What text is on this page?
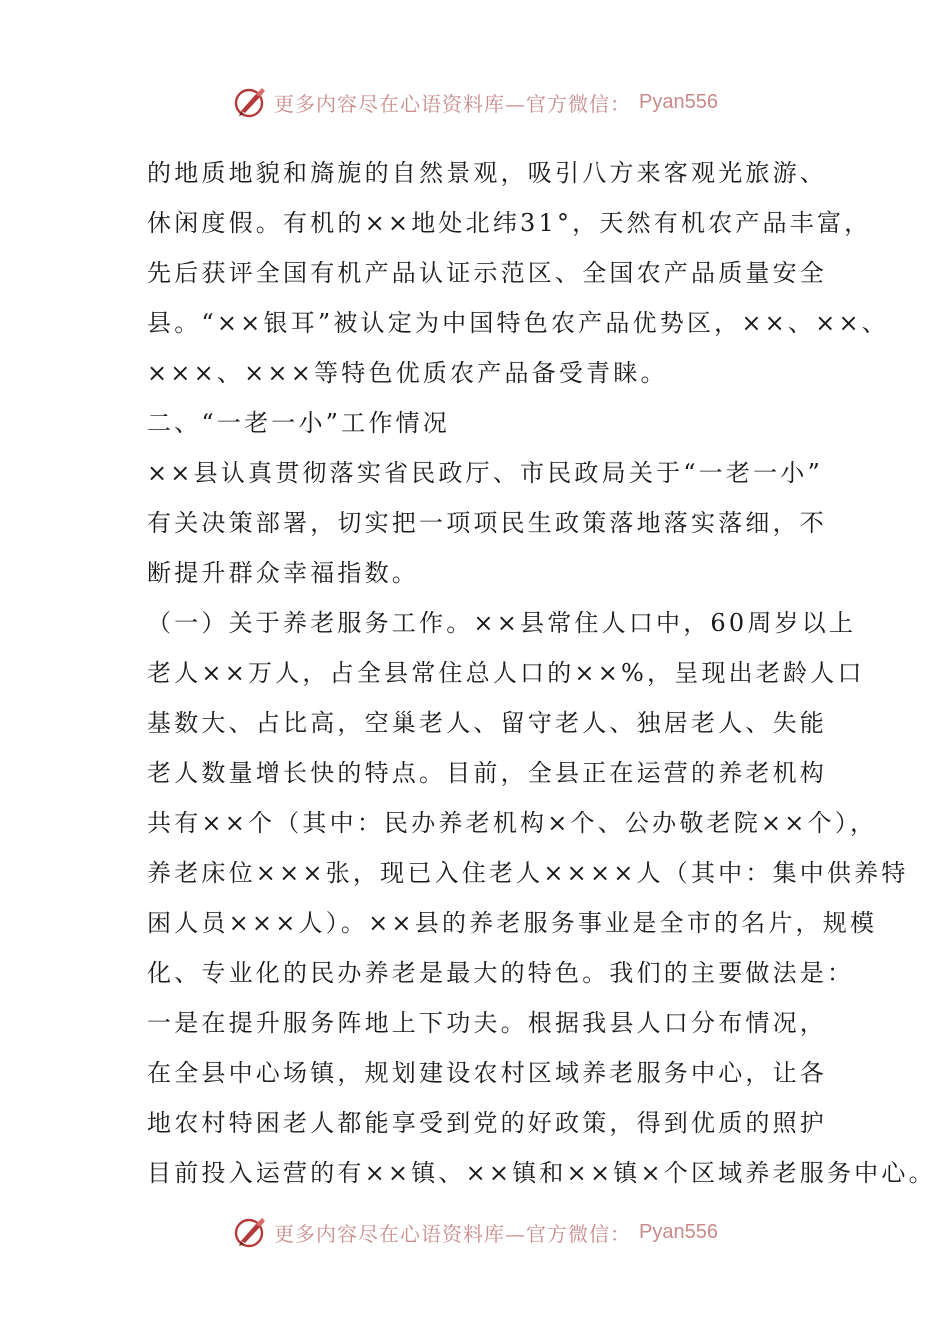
更多内容尽在心语资料库—官方微信： Pyan556
的地质地貌和旖旎的自然景观，吸引八方来客观光旅游、
休闲度假。有机的××地处北纬31°，天然有机农产品丰富，
先后获评全国有机产品认证示范区、全国农产品质量安全
县。“××银耳”被认定为中国特色农产品优势区，××、××、
×××、×××等特色优质农产品备受青睐。
二、“一老一小”工作情况
××县认真贯彻落实省民政厅、市民政局关于“一老一小”
有关决策部署，切实把一项项民生政策落地落实落细，不
断提升群众幸福指数。
（一）关于养老服务工作。××县常住人口中，60周岁以上
老人××万人，占全县常住总人口的××%，呈现出老龄人口
基数大、占比高，空巢老人、留守老人、独居老人、失能
老人数量增长快的特点。目前，全县正在运营的养老机构
共有××个（其中：民办养老机构×个、公办敬老院××个），
养老床位×××张，现已入住老人××××人（其中：集中供养特
困人员×××人）。××县的养老服务事业是全市的名片，规模
化、专业化的民办养老是最大的特色。我们的主要做法是：
一是在提升服务阵地上下功夫。根据我县人口分布情况，
在全县中心场镇，规划建设农村区域养老服务中心，让各
地农村特困老人都能享受到党的好政策，得到优质的照护
目前投入运营的有××镇、××镇和××镇×个区域养老服务中心。
更多内容尽在心语资料库—官方微信： Pyan556
